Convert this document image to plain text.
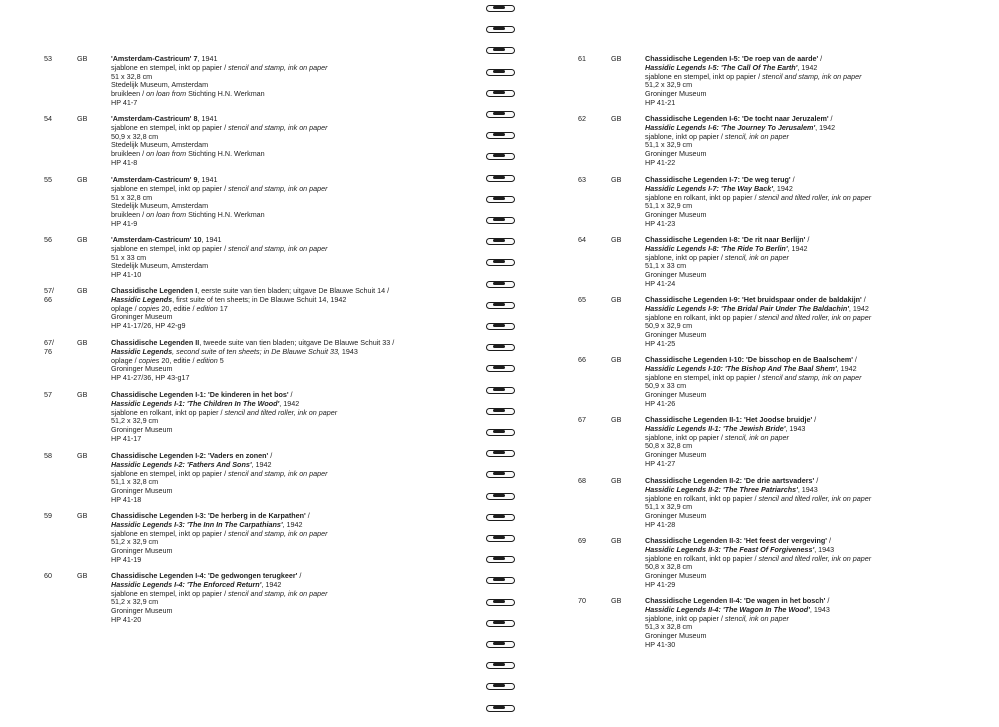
53	GB	'Amsterdam-Castricum' 7, 1941
sjablone en stempel, inkt op papier / stencil and stamp, ink on paper
51 x 32,8 cm
Stedelijk Museum, Amsterdam
bruikleen / on loan from Stichting H.N. Werkman
HP 41-7
54	GB	'Amsterdam-Castricum' 8, 1941
sjablone en stempel, inkt op papier / stencil and stamp, ink on paper
50,9 x 32,8 cm
Stedelijk Museum, Amsterdam
bruikleen / on loan from Stichting H.N. Werkman
HP 41-8
55	GB	'Amsterdam-Castricum' 9, 1941
sjablone en stempel, inkt op papier / stencil and stamp, ink on paper
51 x 32,8 cm
Stedelijk Museum, Amsterdam
bruikleen / on loan from Stichting H.N. Werkman
HP 41-9
56	GB	'Amsterdam-Castricum' 10, 1941
sjablone en stempel, inkt op papier / stencil and stamp, ink on paper
51 x 33 cm
Stedelijk Museum, Amsterdam
HP 41-10
57/
66
GB	Chassidische Legenden I, eerste suite van tien bladen; uitgave De Blauwe Schuit 14 /
Hassidic Legends, first suite of ten sheets; in De Blauwe Schuit 14, 1942
oplage / copies 20, editie / edition 17
Groninger Museum
HP 41-17/26, HP 42-g9
67/
76
GB	Chassidische Legenden II, tweede suite van tien bladen; uitgave De Blauwe Schuit 33 /
Hassidic Legends, second suite of ten sheets; in De Blauwe Schuit 33, 1943
oplage / copies 20, editie / edition 5
Groninger Museum
HP 41-27/36, HP 43-g17
57	GB	Chassidische Legenden I-1: 'De kinderen in het bos' /
Hassidic Legends I-1: 'The Children In The Wood', 1942
sjablone en rolkant, inkt op papier / stencil and tilted roller, ink on paper
51,2 x 32,9 cm
Groninger Museum
HP 41-17
58	GB	Chassidische Legenden I-2: 'Vaders en zonen' /
Hassidic Legends I-2: 'Fathers And Sons', 1942
sjablone en stempel, inkt op papier / stencil and stamp, ink on paper
51,1 x 32,8 cm
Groninger Museum
HP 41-18
59	GB	Chassidische Legenden I-3: 'De herberg in de Karpathen' /
Hassidic Legends I-3: 'The Inn In The Carpathians', 1942
sjablone en stempel, inkt op papier / stencil and stamp, ink on paper
51,2 x 32,9 cm
Groninger Museum
HP 41-19
60	GB	Chassidische Legenden I-4: 'De gedwongen terugkeer' /
Hassidic Legends I-4: 'The Enforced Return', 1942
sjablone en stempel, inkt op papier / stencil and stamp, ink on paper
51,2 x 32,9 cm
Groninger Museum
HP 41-20
61	GB	Chassidische Legenden I-5: 'De roep van de aarde' /
Hassidic Legends I-5: 'The Call Of The Earth', 1942
sjablone en stempel, inkt op papier / stencil and stamp, ink on paper
51,2 x 32,9 cm
Groninger Museum
HP 41-21
62	GB	Chassidische Legenden I-6: 'De tocht naar Jeruzalem' /
Hassidic Legends I-6: 'The Journey To Jerusalem', 1942
sjablone, inkt op papier / stencil, ink on paper
51,1 x 32,9 cm
Groninger Museum
HP 41-22
63	GB	Chassidische Legenden I-7: 'De weg terug' /
Hassidic Legends I-7: 'The Way Back', 1942
sjablone en rolkant, inkt op papier / stencil and tilted roller, ink on paper
51,1 x 32,9 cm
Groninger Museum
HP 41-23
64	GB	Chassidische Legenden I-8: 'De rit naar Berlijn' /
Hassidic Legends I-8: 'The Ride To Berlin', 1942
sjablone, inkt op papier / stencil, ink on paper
51,1 x 33 cm
Groninger Museum
HP 41-24
65	GB	Chassidische Legenden I-9: 'Het bruidspaar onder de baldakijn' /
Hassidic Legends I-9: 'The Bridal Pair Under The Baldachin', 1942
sjablone en rolkant, inkt op papier / stencil and tilted roller, ink on paper
50,9 x 32,9 cm
Groninger Museum
HP 41-25
66	GB	Chassidische Legenden I-10: 'De bisschop en de Baalschem' /
Hassidic Legends I-10: 'The Bishop And The Baal Shem', 1942
sjablone en stempel, inkt op papier / stencil and stamp, ink on paper
50,9 x 33 cm
Groninger Museum
HP 41-26
67	GB	Chassidische Legenden II-1: 'Het Joodse bruidje' /
Hassidic Legends II-1: 'The Jewish Bride', 1943
sjablone, inkt op papier / stencil, ink on paper
50,8 x 32,8 cm
Groninger Museum
HP 41-27
68	GB	Chassidische Legenden II-2: 'De drie aartsvaders' /
Hassidic Legends II-2: 'The Three Patriarchs', 1943
sjablone en rolkant, inkt op papier / stencil and tilted roller, ink on paper
51,1 x 32,9 cm
Groninger Museum
HP 41-28
69	GB	Chassidische Legenden II-3: 'Het feest der vergeving' /
Hassidic Legends II-3: 'The Feast Of Forgiveness', 1943
sjablone en rolkant, inkt op papier / stencil and tilted roller, ink on paper
50,8 x 32,8 cm
Groninger Museum
HP 41-29
70	GB	Chassidische Legenden II-4: 'De wagen in het bosch' /
Hassidic Legends II-4: 'The Wagon In The Wood', 1943
sjablone, inkt op papier / stencil, ink on paper
51,3 x 32,8 cm
Groninger Museum
HP 41-30
